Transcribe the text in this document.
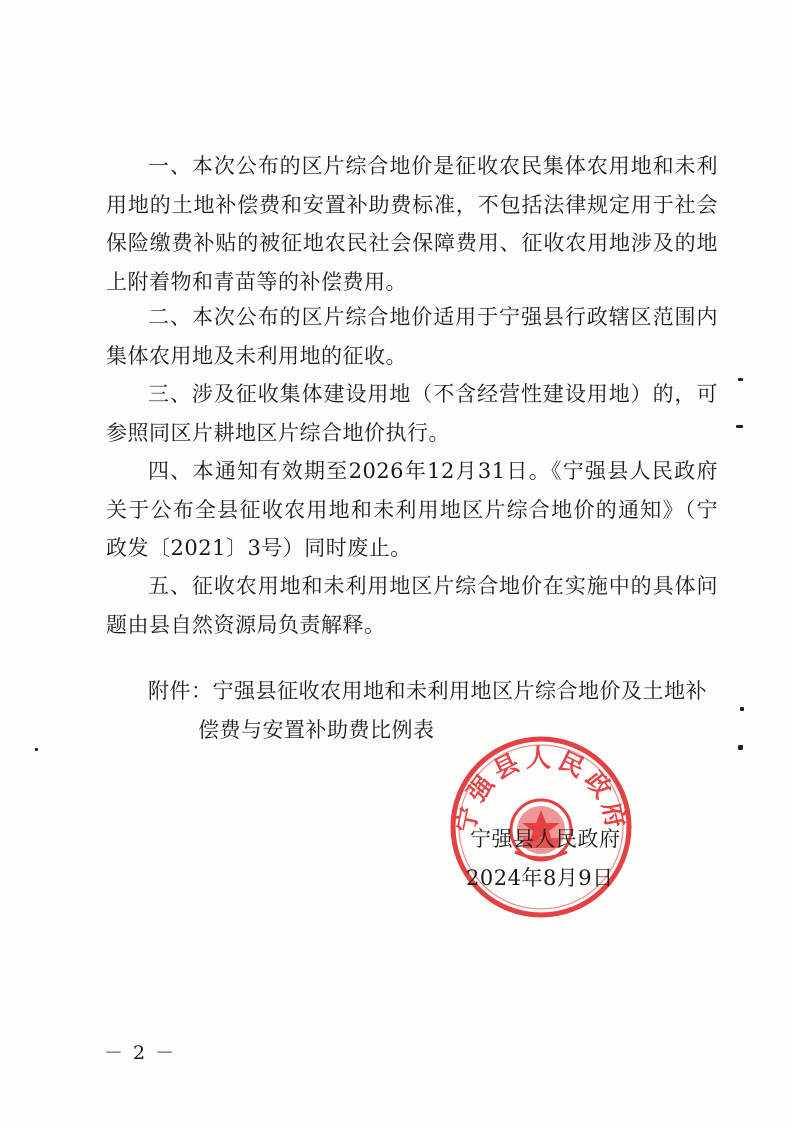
一、本次公布的区片综合地价是征收农民集体农用地和未利用地的土地补偿费和安置补助费标准，不包括法律规定用于社会保险缴费补贴的被征地农民社会保障费用、征收农用地涉及的地上附着物和青苗等的补偿费用。

二、本次公布的区片综合地价适用于宁强县行政辖区范围内集体农用地及未利用地的征收。

三、涉及征收集体建设用地（不含经营性建设用地）的，可参照同区片耕地区片综合地价执行。

四、本通知有效期至2026年12月31日。《宁强县人民政府关于公布全县征收农用地和未利用地区片综合地价的通知》（宁政发〔2021〕3号）同时废止。

五、征收农用地和未利用地区片综合地价在实施中的具体问题由县自然资源局负责解释。

附件：宁强县征收农用地和未利用地区片综合地价及土地补
偿费与安置补助费比例表
宁强县人民政府
宁强县人民政府
2024年8月9日
－ 2 －
